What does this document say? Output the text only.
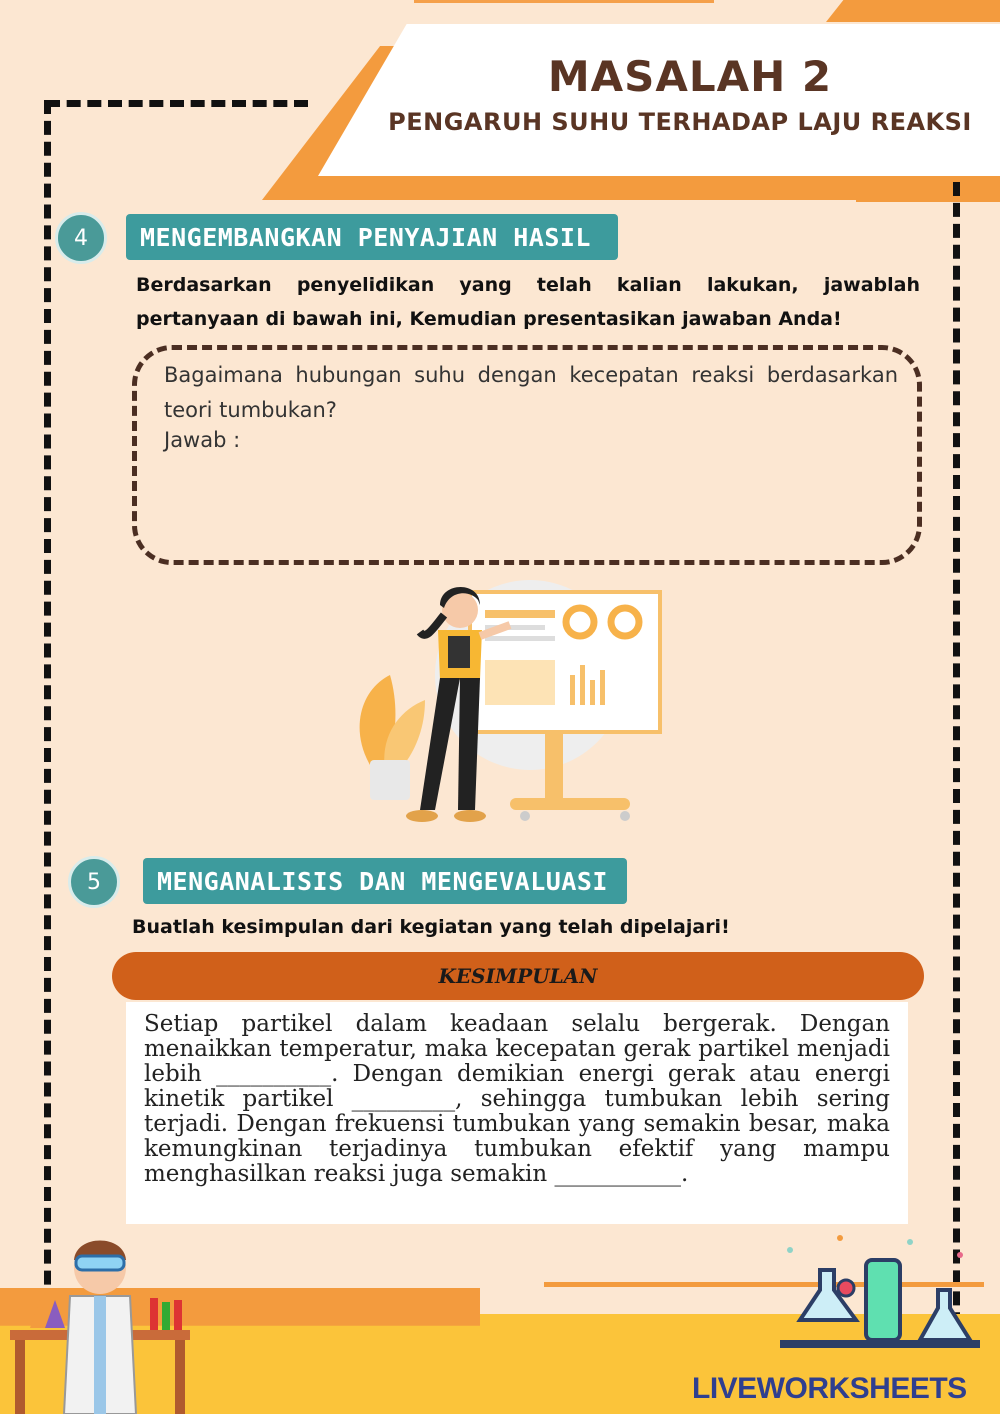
MASALAH 2
PENGARUH SUHU TERHADAP LAJU REAKSI
4	MENGEMBANGKAN PENYAJIAN HASIL
Berdasarkan penyelidikan yang telah kalian lakukan, jawablah pertanyaan di bawah ini, Kemudian presentasikan jawaban Anda!
Bagaimana hubungan suhu dengan kecepatan reaksi berdasarkan teori tumbukan?
Jawab :
5	MENGANALISIS DAN MENGEVALUASI
Buatlah kesimpulan dari kegiatan yang telah dipelajari!
KESIMPULAN
Setiap partikel dalam keadaan selalu bergerak. Dengan menaikkan temperatur, maka kecepatan gerak partikel menjadi lebih __________. Dengan demikian energi gerak atau energi kinetik partikel _________, sehingga tumbukan lebih sering terjadi. Dengan frekuensi tumbukan yang semakin besar, maka kemungkinan terjadinya tumbukan efektif yang mampu menghasilkan reaksi juga semakin ___________.
LIVEWORKSHEETS
